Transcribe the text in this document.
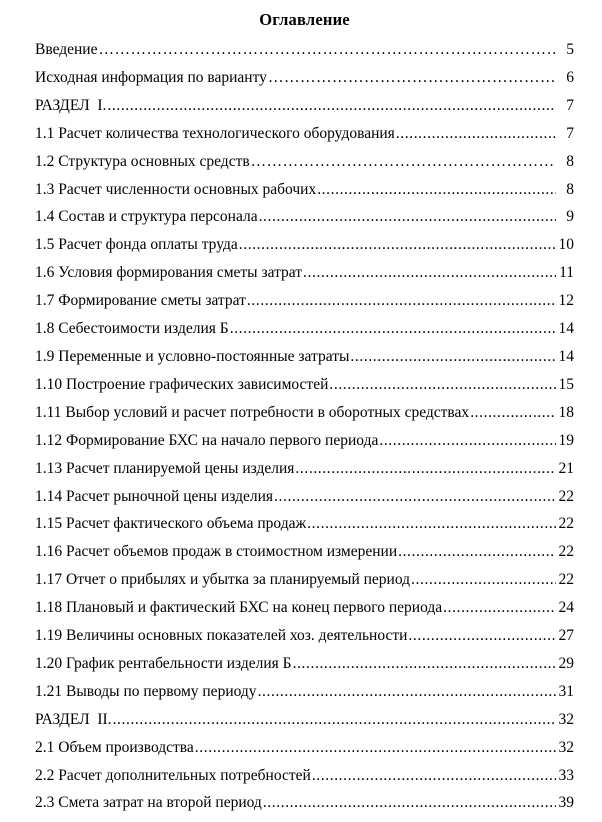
Оглавление
Введение …………………………………………………………………………………………………………	5
Исходная информация по варианту …………………………………………………………………………………………………………	6
РАЗДЕЛ  I. .....	7
1.1 Расчет количества технологического оборудования .....	7
1.2 Структура основных средств …………………………………………………………………………………………………………	8
1.3 Расчет численности основных рабочих .....	8
1.4 Состав и структура персонала .....	9
1.5 Расчет фонда оплаты труда .....	10
1.6 Условия формирования сметы затрат .....	11
1.7 Формирование сметы затрат .....	12
1.8 Себестоимости изделия Б .....	14
1.9 Переменные и условно-постоянные затраты .....	14
1.10 Построение графических зависимостей .....	15
1.11 Выбор условий и расчет потребности в оборотных средствах .....	18
1.12 Формирование БХС на начало первого периода .....	19
1.13 Расчет планируемой цены изделия .....	21
1.14 Расчет рыночной цены изделия .....	22
1.15 Расчет фактического объема продаж .....	22
1.16 Расчет объемов продаж в стоимостном измерении .....	22
1.17 Отчет о прибылях и убытка за планируемый период .....	22
1.18 Плановый и фактический БХС на конец первого периода .....	24
1.19 Величины основных показателей хоз. деятельности .....	27
1.20 График рентабельности изделия Б .....	29
1.21 Выводы по первому периоду .....	31
РАЗДЕЛ  II. .....	32
2.1 Объем производства .....	32
2.2 Расчет дополнительных потребностей .....	33
2.3 Смета затрат на второй период .....	39
